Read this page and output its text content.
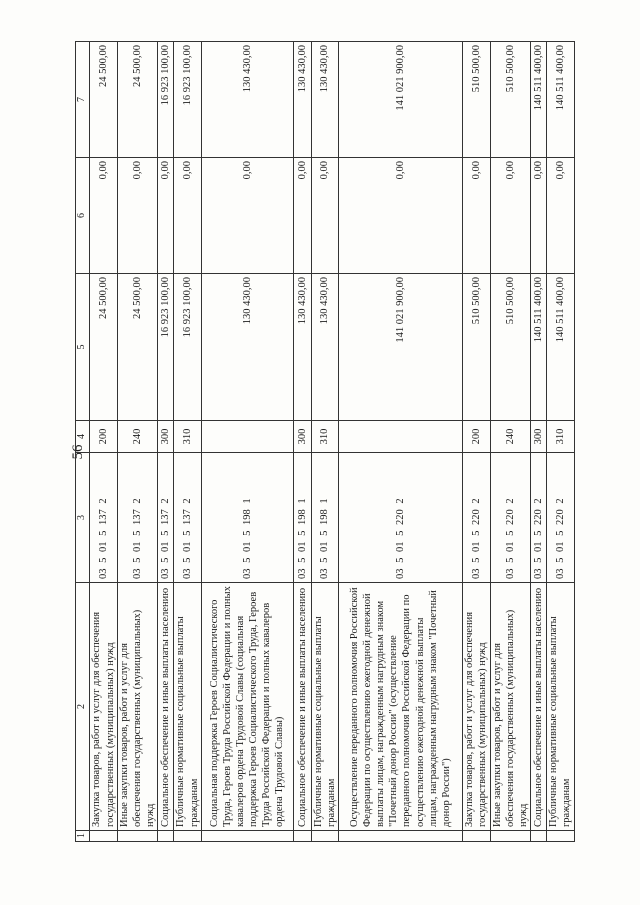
56
1	2	3	4	5	6	7
	Закупка товаров, работ и услуг для обеспечения государственных (муниципальных) нужд	03 5 01 5 137 2	200	24 500,00	0,00	24 500,00
	Иные закупки товаров, работ и услуг для обеспечения государственных (муниципальных) нужд	03 5 01 5 137 2	240	24 500,00	0,00	24 500,00
	Социальное обеспечение и иные выплаты населению	03 5 01 5 137 2	300	16 923 100,00	0,00	16 923 100,00
	Публичные нормативные социальные выплаты гражданам	03 5 01 5 137 2	310	16 923 100,00	0,00	16 923 100,00
	Социальная поддержка Героев Социалистического Труда, Героев Труда Российской Федерации и полных кавалеров ордена Трудовой Славы (социальная поддержка Героев Социалистического Труда, Героев Труда Российской Федерации и полных кавалеров ордена Трудовой Славы)	03 5 01 5 198 1		130 430,00	0,00	130 430,00
	Социальное обеспечение и иные выплаты населению	03 5 01 5 198 1	300	130 430,00	0,00	130 430,00
	Публичные нормативные социальные выплаты гражданам	03 5 01 5 198 1	310	130 430,00	0,00	130 430,00
	Осуществление переданного полномочия Российской Федерации по осуществлению ежегодной денежной выплаты лицам, награжденным нагрудным знаком "Почетный донор России" (осуществление переданного полномочия Российской Федерации по осуществлению ежегодной денежной выплаты лицам, награжденным нагрудным знаком "Почетный донор России")	03 5 01 5 220 2		141 021 900,00	0,00	141 021 900,00
	Закупка товаров, работ и услуг для обеспечения государственных (муниципальных) нужд	03 5 01 5 220 2	200	510 500,00	0,00	510 500,00
	Иные закупки товаров, работ и услуг для обеспечения государственных (муниципальных) нужд	03 5 01 5 220 2	240	510 500,00	0,00	510 500,00
	Социальное обеспечение и иные выплаты населению	03 5 01 5 220 2	300	140 511 400,00	0,00	140 511 400,00
	Публичные нормативные социальные выплаты гражданам	03 5 01 5 220 2	310	140 511 400,00	0,00	140 511 400,00
